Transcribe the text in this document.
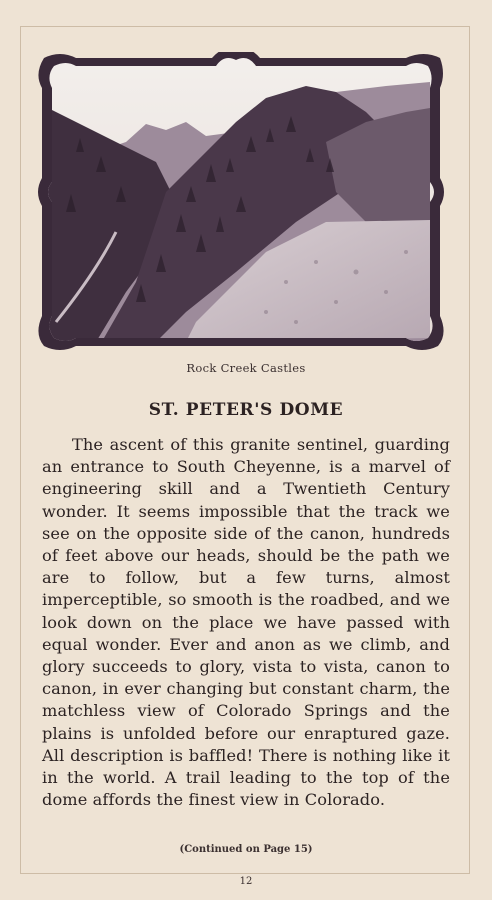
Rock Creek Castles
ST. PETER'S DOME

The ascent of this granite sentinel, guarding an entrance to South Cheyenne, is a marvel of engineering skill and a Twentieth Century wonder. It seems impossible that the track we see on the opposite side of the canon, hundreds of feet above our heads, should be the path we are to follow, but a few turns, almost imperceptible, so smooth is the roadbed, and we look down on the place we have passed with equal wonder. Ever and anon as we climb, and glory succeeds to glory, vista to vista, canon to canon, in ever changing but constant charm, the matchless view of Colorado Springs and the plains is unfolded before our enraptured gaze. All description is baffled! There is nothing like it in the world. A trail leading to the top of the dome affords the finest view in Colorado.

(Continued on Page 15)
12
